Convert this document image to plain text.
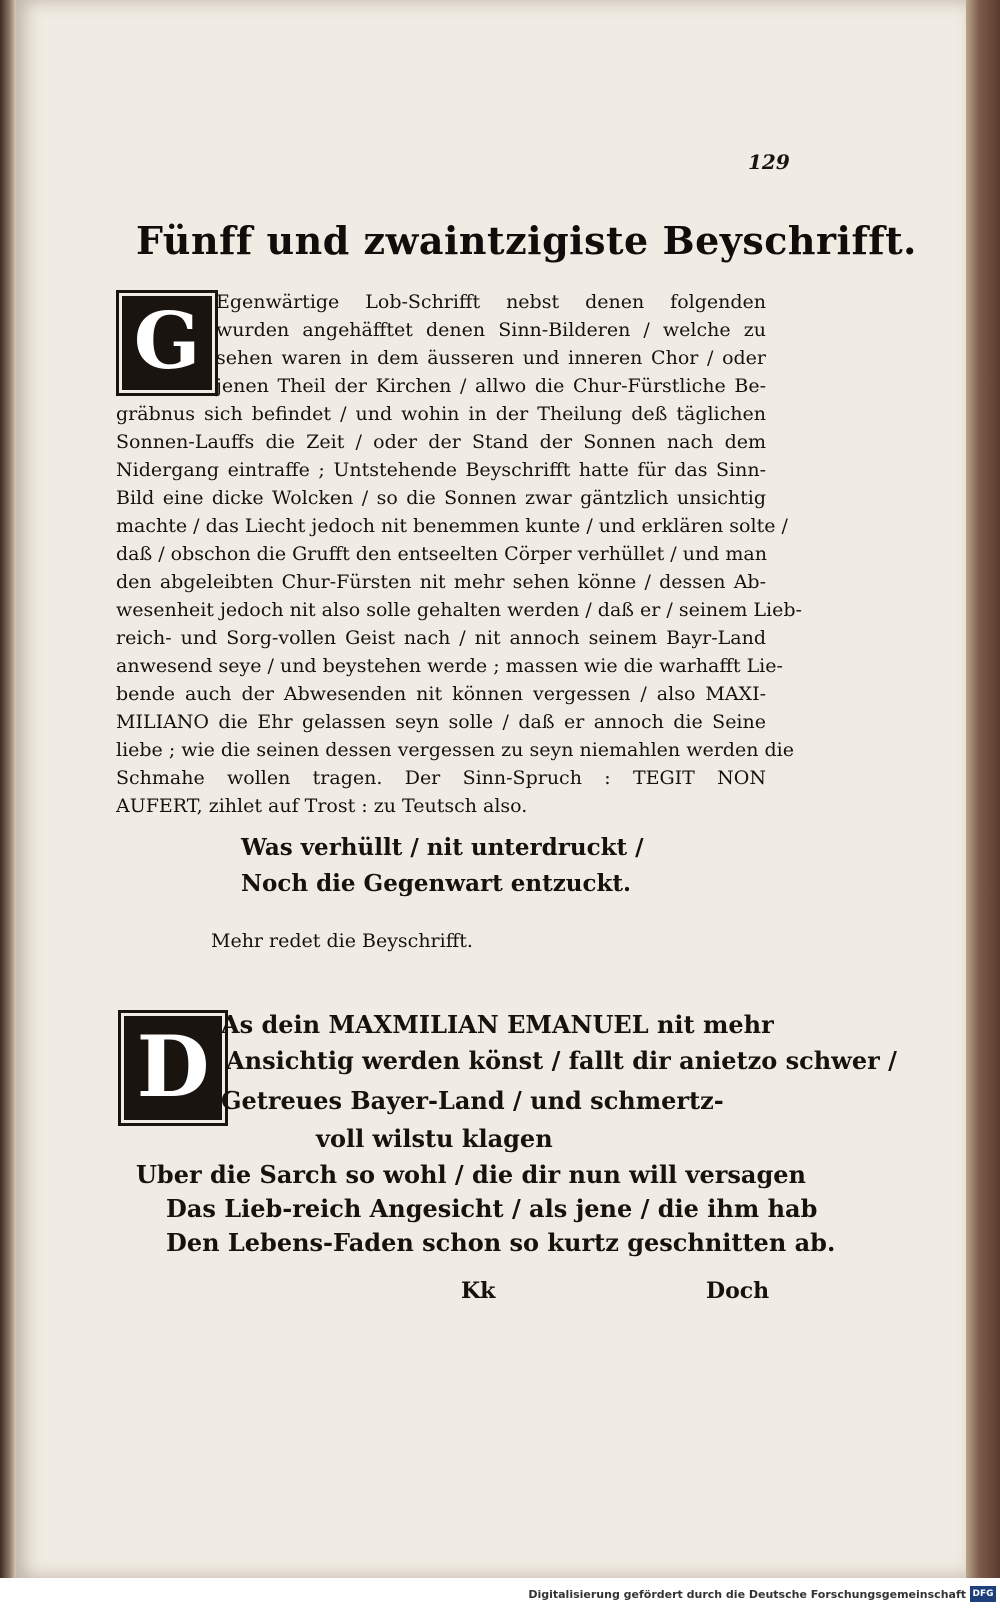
129
Fünff und zwaintzigiste Beyschrifft.
G Egenwärtige Lob-Schrifft nebst denen folgenden
wurden angehäfftet denen Sinn-Bilderen / welche zu
sehen waren in dem äusseren und inneren Chor / oder
jenen Theil der Kirchen / allwo die Chur-Fürstliche Be-
gräbnus sich befindet / und wohin in der Theilung deß täglichen
Sonnen-Lauffs die Zeit / oder der Stand der Sonnen nach dem
Nidergang eintraffe ; Untstehende Beyschrifft hatte für das Sinn-
Bild eine dicke Wolcken / so die Sonnen zwar gäntzlich unsichtig
machte / das Liecht jedoch nit benemmen kunte / und erklären solte /
daß / obschon die Grufft den entseelten Cörper verhüllet / und man
den abgeleibten Chur-Fürsten nit mehr sehen könne / dessen Ab-
wesenheit jedoch nit also solle gehalten werden / daß er / seinem Lieb-
reich- und Sorg-vollen Geist nach / nit annoch seinem Bayr-Land
anwesend seye / und beystehen werde ; massen wie die warhafft Lie-
bende auch der Abwesenden nit können vergessen / also MAXI-
MILIANO die Ehr gelassen seyn solle / daß er annoch die Seine
liebe ; wie die seinen dessen vergessen zu seyn niemahlen werden die
Schmahe wollen tragen. Der Sinn-Spruch : TEGIT NON
AUFERT, zihlet auf Trost : zu Teutsch also.
Was verhüllt / nit unterdruckt /
Noch die Gegenwart entzuckt.
Mehr redet die Beyschrifft.
D As dein MAXMILIAN EMANUEL nit mehr
Ansichtig werden könst / fallt dir anietzo schwer /
Getreues Bayer-Land / und schmertz-
voll wilstu klagen
Uber die Sarch so wohl / die dir nun will versagen
Das Lieb-reich Angesicht / als jene / die ihm hab
Den Lebens-Faden schon so kurtz geschnitten ab.
Kk	Doch
Digitalisierung gefördert durch die Deutsche Forschungsgemeinschaft DFG
